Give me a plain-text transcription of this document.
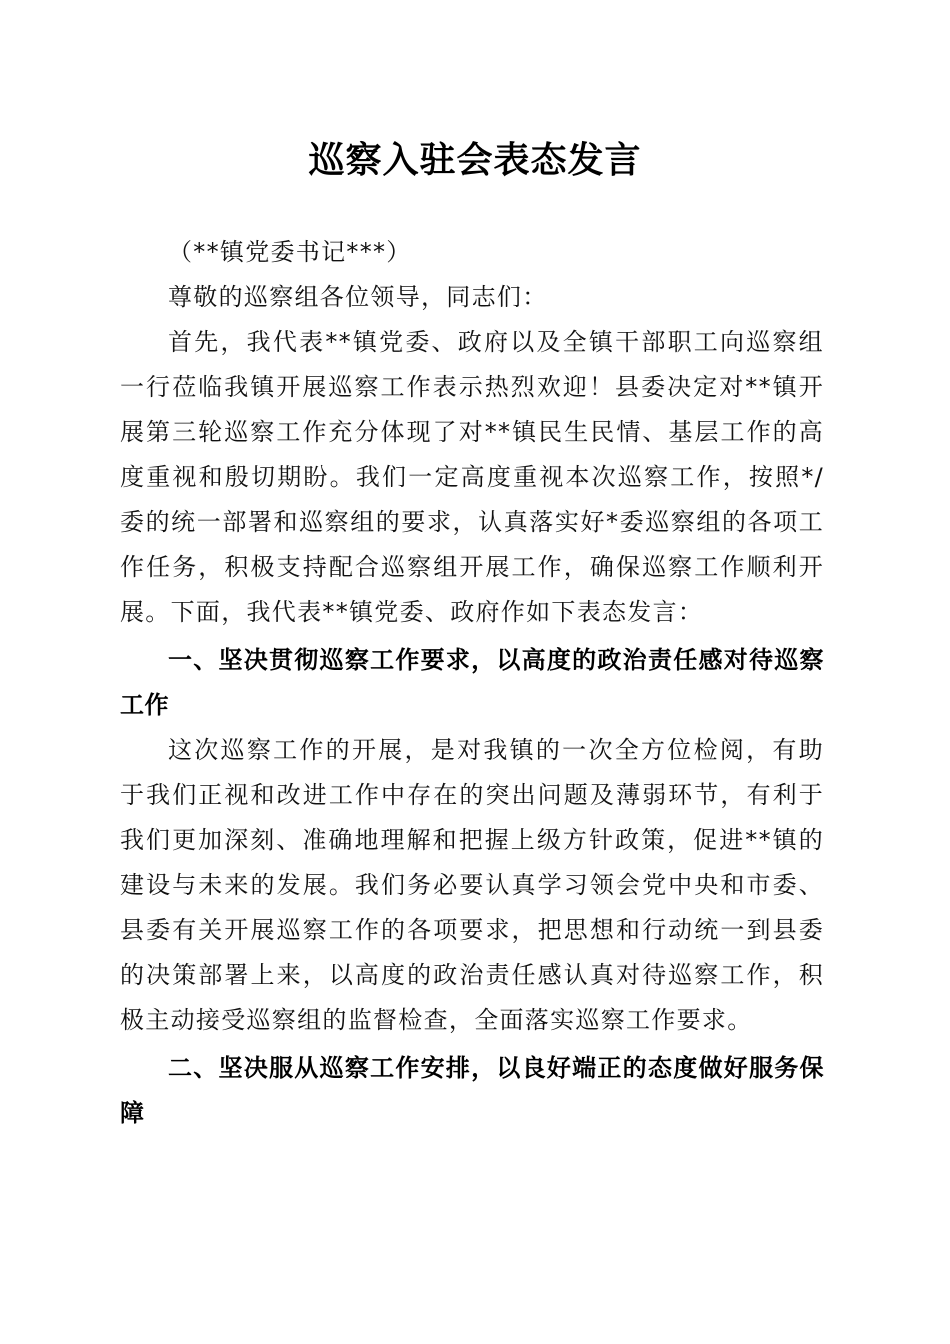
巡察入驻会表态发言

（**镇党委书记***）

尊敬的巡察组各位领导，同志们：

首先，我代表**镇党委、政府以及全镇干部职工向巡察组一行莅临我镇开展巡察工作表示热烈欢迎！县委决定对**镇开展第三轮巡察工作充分体现了对**镇民生民情、基层工作的高度重视和殷切期盼。我们一定高度重视本次巡察工作，按照*/委的统一部署和巡察组的要求，认真落实好*委巡察组的各项工作任务，积极支持配合巡察组开展工作，确保巡察工作顺利开展。下面，我代表**镇党委、政府作如下表态发言：

一、坚决贯彻巡察工作要求，以高度的政治责任感对待巡察工作

这次巡察工作的开展，是对我镇的一次全方位检阅，有助于我们正视和改进工作中存在的突出问题及薄弱环节，有利于我们更加深刻、准确地理解和把握上级方针政策，促进**镇的建设与未来的发展。我们务必要认真学习领会党中央和市委、县委有关开展巡察工作的各项要求，把思想和行动统一到县委的决策部署上来，以高度的政治责任感认真对待巡察工作，积极主动接受巡察组的监督检查，全面落实巡察工作要求。

二、坚决服从巡察工作安排，以良好端正的态度做好服务保障
